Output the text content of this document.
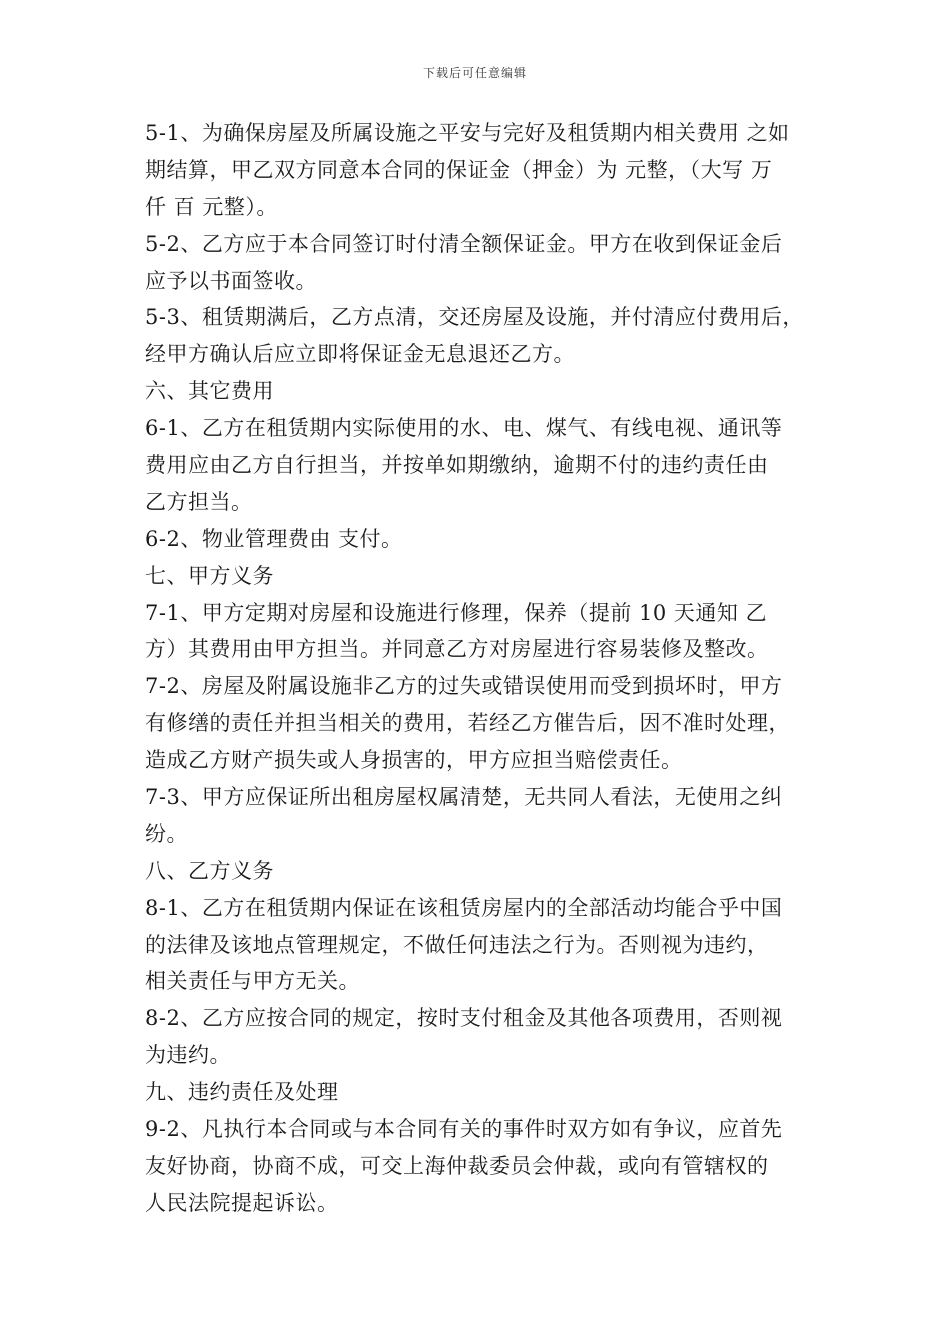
下载后可任意编辑
5-1、为确保房屋及所属设施之平安与完好及租赁期内相关费用 之如
期结算，甲乙双方同意本合同的保证金（押金）为 元整，（大写 万
仟 百 元整）。
5-2、乙方应于本合同签订时付清全额保证金。甲方在收到保证金后
应予以书面签收。
5-3、租赁期满后，乙方点清，交还房屋及设施，并付清应付费用后，
经甲方确认后应立即将保证金无息退还乙方。
六、其它费用
6-1、乙方在租赁期内实际使用的水、电、煤气、有线电视、通讯等
费用应由乙方自行担当，并按单如期缴纳，逾期不付的违约责任由
乙方担当。
6-2、物业管理费由 支付。
七、甲方义务
7-1、甲方定期对房屋和设施进行修理，保养（提前 10 天通知 乙
方）其费用由甲方担当。并同意乙方对房屋进行容易装修及整改。
7-2、房屋及附属设施非乙方的过失或错误使用而受到损坏时，甲方
有修缮的责任并担当相关的费用，若经乙方催告后，因不准时处理，
造成乙方财产损失或人身损害的，甲方应担当赔偿责任。
7-3、甲方应保证所出租房屋权属清楚，无共同人看法，无使用之纠
纷。
八、乙方义务
8-1、乙方在租赁期内保证在该租赁房屋内的全部活动均能合乎中国
的法律及该地点管理规定，不做任何违法之行为。否则视为违约，
相关责任与甲方无关。
8-2、乙方应按合同的规定，按时支付租金及其他各项费用，否则视
为违约。
九、违约责任及处理
9-2、凡执行本合同或与本合同有关的事件时双方如有争议，应首先
友好协商，协商不成，可交上海仲裁委员会仲裁，或向有管辖权的
人民法院提起诉讼。
